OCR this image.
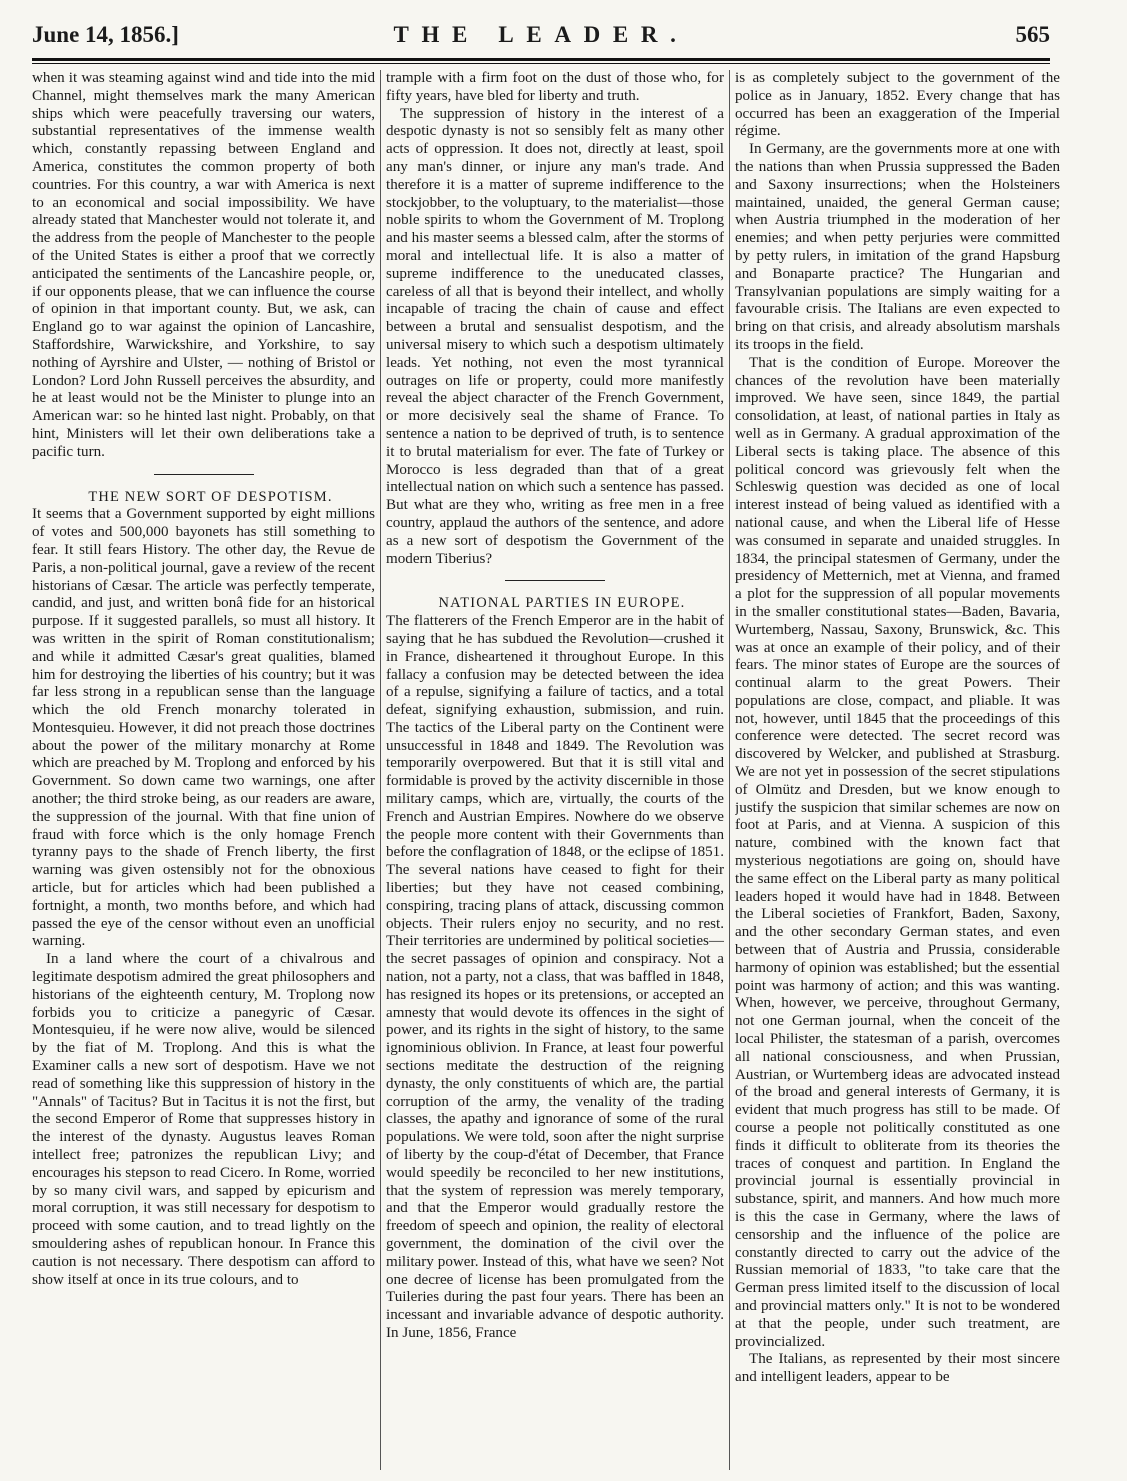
June 14, 1856.]	THE LEADER.	565

when it was steaming against wind and tide into the mid Channel, might themselves mark the many American ships which were peacefully traversing our waters, substantial representatives of the immense wealth which, constantly repassing between England and America, constitutes the common property of both countries. For this country, a war with America is next to an economical and social impossibility. We have already stated that Manchester would not tolerate it, and the address from the people of Manchester to the people of the United States is either a proof that we correctly anticipated the sentiments of the Lancashire people, or, if our opponents please, that we can influence the course of opinion in that important county. But, we ask, can England go to war against the opinion of Lancashire, Staffordshire, Warwickshire, and Yorkshire, to say nothing of Ayrshire and Ulster, — nothing of Bristol or London? Lord John Russell perceives the absurdity, and he at least would not be the Minister to plunge into an American war: so he hinted last night. Probably, on that hint, Ministers will let their own deliberations take a pacific turn.

THE NEW SORT OF DESPOTISM.

It seems that a Government supported by eight millions of votes and 500,000 bayonets has still something to fear. It still fears History. The other day, the Revue de Paris, a non-political journal, gave a review of the recent historians of Cæsar. The article was perfectly temperate, candid, and just, and written bonâ fide for an historical purpose. If it suggested parallels, so must all history. It was written in the spirit of Roman constitutionalism; and while it admitted Cæsar's great qualities, blamed him for destroying the liberties of his country; but it was far less strong in a republican sense than the language which the old French monarchy tolerated in Montesquieu. However, it did not preach those doctrines about the power of the military monarchy at Rome which are preached by M. Troplong and enforced by his Government. So down came two warnings, one after another; the third stroke being, as our readers are aware, the suppression of the journal. With that fine union of fraud with force which is the only homage French tyranny pays to the shade of French liberty, the first warning was given ostensibly not for the obnoxious article, but for articles which had been published a fortnight, a month, two months before, and which had passed the eye of the censor without even an unofficial warning.

In a land where the court of a chivalrous and legitimate despotism admired the great philosophers and historians of the eighteenth century, M. Troplong now forbids you to criticize a panegyric of Cæsar. Montesquieu, if he were now alive, would be silenced by the fiat of M. Troplong. And this is what the Examiner calls a new sort of despotism. Have we not read of something like this suppression of history in the "Annals" of Tacitus? But in Tacitus it is not the first, but the second Emperor of Rome that suppresses history in the interest of the dynasty. Augustus leaves Roman intellect free; patronizes the republican Livy; and encourages his stepson to read Cicero. In Rome, worried by so many civil wars, and sapped by epicurism and moral corruption, it was still necessary for despotism to proceed with some caution, and to tread lightly on the smouldering ashes of republican honour. In France this caution is not necessary. There despotism can afford to show itself at once in its true colours, and to

trample with a firm foot on the dust of those who, for fifty years, have bled for liberty and truth.

The suppression of history in the interest of a despotic dynasty is not so sensibly felt as many other acts of oppression. It does not, directly at least, spoil any man's dinner, or injure any man's trade. And therefore it is a matter of supreme indifference to the stockjobber, to the voluptuary, to the materialist—those noble spirits to whom the Government of M. Troplong and his master seems a blessed calm, after the storms of moral and intellectual life. It is also a matter of supreme indifference to the uneducated classes, careless of all that is beyond their intellect, and wholly incapable of tracing the chain of cause and effect between a brutal and sensualist despotism, and the universal misery to which such a despotism ultimately leads. Yet nothing, not even the most tyrannical outrages on life or property, could more manifestly reveal the abject character of the French Government, or more decisively seal the shame of France. To sentence a nation to be deprived of truth, is to sentence it to brutal materialism for ever. The fate of Turkey or Morocco is less degraded than that of a great intellectual nation on which such a sentence has passed. But what are they who, writing as free men in a free country, applaud the authors of the sentence, and adore as a new sort of despotism the Government of the modern Tiberius?

NATIONAL PARTIES IN EUROPE.

The flatterers of the French Emperor are in the habit of saying that he has subdued the Revolution—crushed it in France, disheartened it throughout Europe. In this fallacy a confusion may be detected between the idea of a repulse, signifying a failure of tactics, and a total defeat, signifying exhaustion, submission, and ruin. The tactics of the Liberal party on the Continent were unsuccessful in 1848 and 1849. The Revolution was temporarily overpowered. But that it is still vital and formidable is proved by the activity discernible in those military camps, which are, virtually, the courts of the French and Austrian Empires. Nowhere do we observe the people more content with their Governments than before the conflagration of 1848, or the eclipse of 1851. The several nations have ceased to fight for their liberties; but they have not ceased combining, conspiring, tracing plans of attack, discussing common objects. Their rulers enjoy no security, and no rest. Their territories are undermined by political societies—the secret passages of opinion and conspiracy. Not a nation, not a party, not a class, that was baffled in 1848, has resigned its hopes or its pretensions, or accepted an amnesty that would devote its offences in the sight of power, and its rights in the sight of history, to the same ignominious oblivion. In France, at least four powerful sections meditate the destruction of the reigning dynasty, the only constituents of which are, the partial corruption of the army, the venality of the trading classes, the apathy and ignorance of some of the rural populations. We were told, soon after the night surprise of liberty by the coup-d'état of December, that France would speedily be reconciled to her new institutions, that the system of repression was merely temporary, and that the Emperor would gradually restore the freedom of speech and opinion, the reality of electoral government, the domination of the civil over the military power. Instead of this, what have we seen? Not one decree of license has been promulgated from the Tuileries during the past four years. There has been an incessant and invariable advance of despotic authority. In June, 1856, France

is as completely subject to the government of the police as in January, 1852. Every change that has occurred has been an exaggeration of the Imperial régime.

In Germany, are the governments more at one with the nations than when Prussia suppressed the Baden and Saxony insurrections; when the Holsteiners maintained, unaided, the general German cause; when Austria triumphed in the moderation of her enemies; and when petty perjuries were committed by petty rulers, in imitation of the grand Hapsburg and Bonaparte practice? The Hungarian and Transylvanian populations are simply waiting for a favourable crisis. The Italians are even expected to bring on that crisis, and already absolutism marshals its troops in the field.

That is the condition of Europe. Moreover the chances of the revolution have been materially improved. We have seen, since 1849, the partial consolidation, at least, of national parties in Italy as well as in Germany. A gradual approximation of the Liberal sects is taking place. The absence of this political concord was grievously felt when the Schleswig question was decided as one of local interest instead of being valued as identified with a national cause, and when the Liberal life of Hesse was consumed in separate and unaided struggles. In 1834, the principal statesmen of Germany, under the presidency of Metternich, met at Vienna, and framed a plot for the suppression of all popular movements in the smaller constitutional states—Baden, Bavaria, Wurtemberg, Nassau, Saxony, Brunswick, &c. This was at once an example of their policy, and of their fears. The minor states of Europe are the sources of continual alarm to the great Powers. Their populations are close, compact, and pliable. It was not, however, until 1845 that the proceedings of this conference were detected. The secret record was discovered by Welcker, and published at Strasburg. We are not yet in possession of the secret stipulations of Olmütz and Dresden, but we know enough to justify the suspicion that similar schemes are now on foot at Paris, and at Vienna. A suspicion of this nature, combined with the known fact that mysterious negotiations are going on, should have the same effect on the Liberal party as many political leaders hoped it would have had in 1848. Between the Liberal societies of Frankfort, Baden, Saxony, and the other secondary German states, and even between that of Austria and Prussia, considerable harmony of opinion was established; but the essential point was harmony of action; and this was wanting. When, however, we perceive, throughout Germany, not one German journal, when the conceit of the local Philister, the statesman of a parish, overcomes all national consciousness, and when Prussian, Austrian, or Wurtemberg ideas are advocated instead of the broad and general interests of Germany, it is evident that much progress has still to be made. Of course a people not politically constituted as one finds it difficult to obliterate from its theories the traces of conquest and partition. In England the provincial journal is essentially provincial in substance, spirit, and manners. And how much more is this the case in Germany, where the laws of censorship and the influence of the police are constantly directed to carry out the advice of the Russian memorial of 1833, "to take care that the German press limited itself to the discussion of local and provincial matters only." It is not to be wondered at that the people, under such treatment, are provincialized.

The Italians, as represented by their most sincere and intelligent leaders, appear to be
